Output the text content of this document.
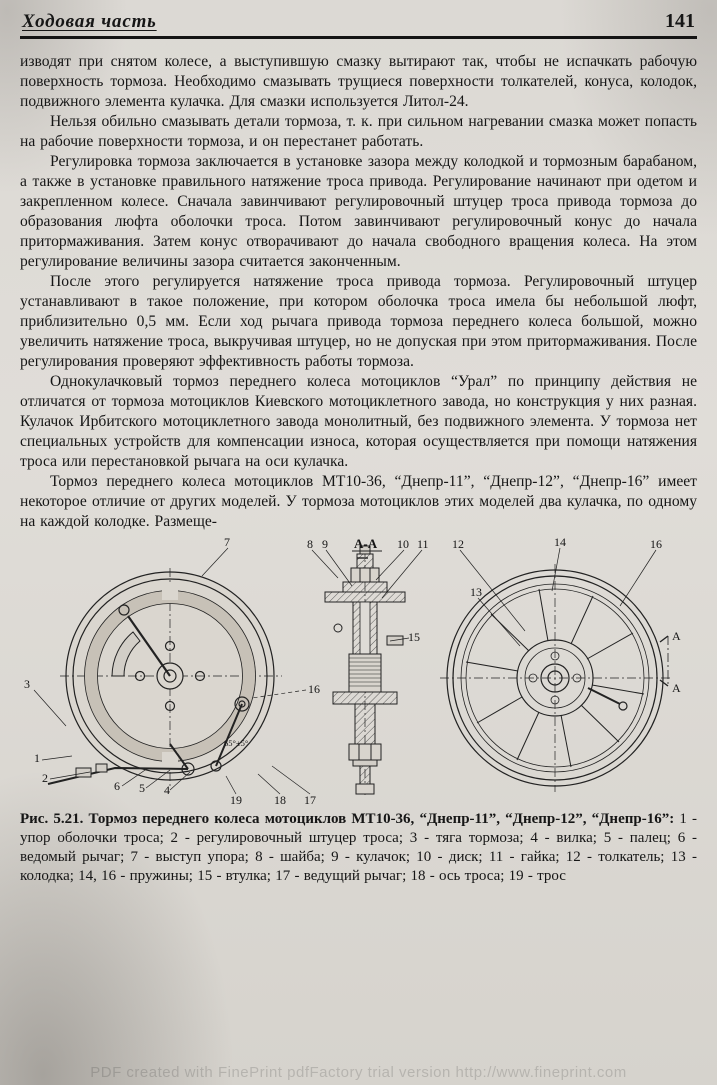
Ходовая часть	141

изводят при снятом колесе, а выступившую смазку вытирают так, чтобы не испачкать рабочую поверхность тормоза. Необходимо смазывать трущиеся поверхности толкателей, конуса, колодок, подвижного элемента кулачка. Для смазки используется Литол-24.

Нельзя обильно смазывать детали тормоза, т. к. при сильном нагревании смазка может попасть на рабочие поверхности тормоза, и он перестанет работать.

Регулировка тормоза заключается в установке зазора между колодкой и тормозным барабаном, а также в установке правильного натяжение троса привода. Регулирование начинают при одетом и закрепленном колесе. Сначала завинчивают регулировочный штуцер троса привода тормоза до образования люфта оболочки троса. Потом завинчивают регулировочный конус до начала притормаживания. Затем конус отворачивают до начала свободного вращения колеса. На этом регулирование величины зазора считается законченным.

После этого регулируется натяжение троса привода тормоза. Регулировочный штуцер устанавливают в такое положение, при котором оболочка троса имела бы небольшой люфт, приблизительно 0,5 мм. Если ход рычага привода тормоза переднего колеса большой, можно увеличить натяжение троса, выкручивая штуцер, но не допуская при этом притормаживания. После регулирования проверяют эффективность работы тормоза.

Однокулачковый тормоз переднего колеса мотоциклов “Урал” по принципу действия не отличатся от тормоза мотоциклов Киевского мотоциклетного завода, но конструкция у них разная. Кулачок Ирбитского мотоциклетного завода монолитный, без подвижного элемента. У тормоза нет специальных устройств для компенсации износа, которая осуществляется при помощи натяжения троса или перестановкой рычага на оси кулачка.

Тормоз переднего колеса мотоциклов МТ10-36, “Днепр-11”, “Днепр-12”, “Днепр-16” имеет некоторое отличие от других моделей. У тормоза мотоциклов этих моделей два кулачка, по одному на каждой колодке. Размеще-

А-А
А
А
65°±5°
7	8 9	10 11 12
13
14	16
3
1
2
6 5 4
19	18 17
15
16
Рис. 5.21. Тормоз переднего колеса мотоциклов МТ10-36, “Днепр-11”, “Днепр-12”, “Днепр-16”: 1 - упор оболочки троса; 2 - регулировочный штуцер троса; 3 - тяга тормоза; 4 - вилка; 5 - палец; 6 - ведомый рычаг; 7 - выступ упора; 8 - шайба; 9 - кулачок; 10 - диск; 11 - гайка; 12 - толкатель; 13 - колодка; 14, 16 - пружины; 15 - втулка; 17 - ведущий рычаг; 18 - ось троса; 19 - трос
PDF created with FinePrint pdfFactory trial version http://www.fineprint.com
